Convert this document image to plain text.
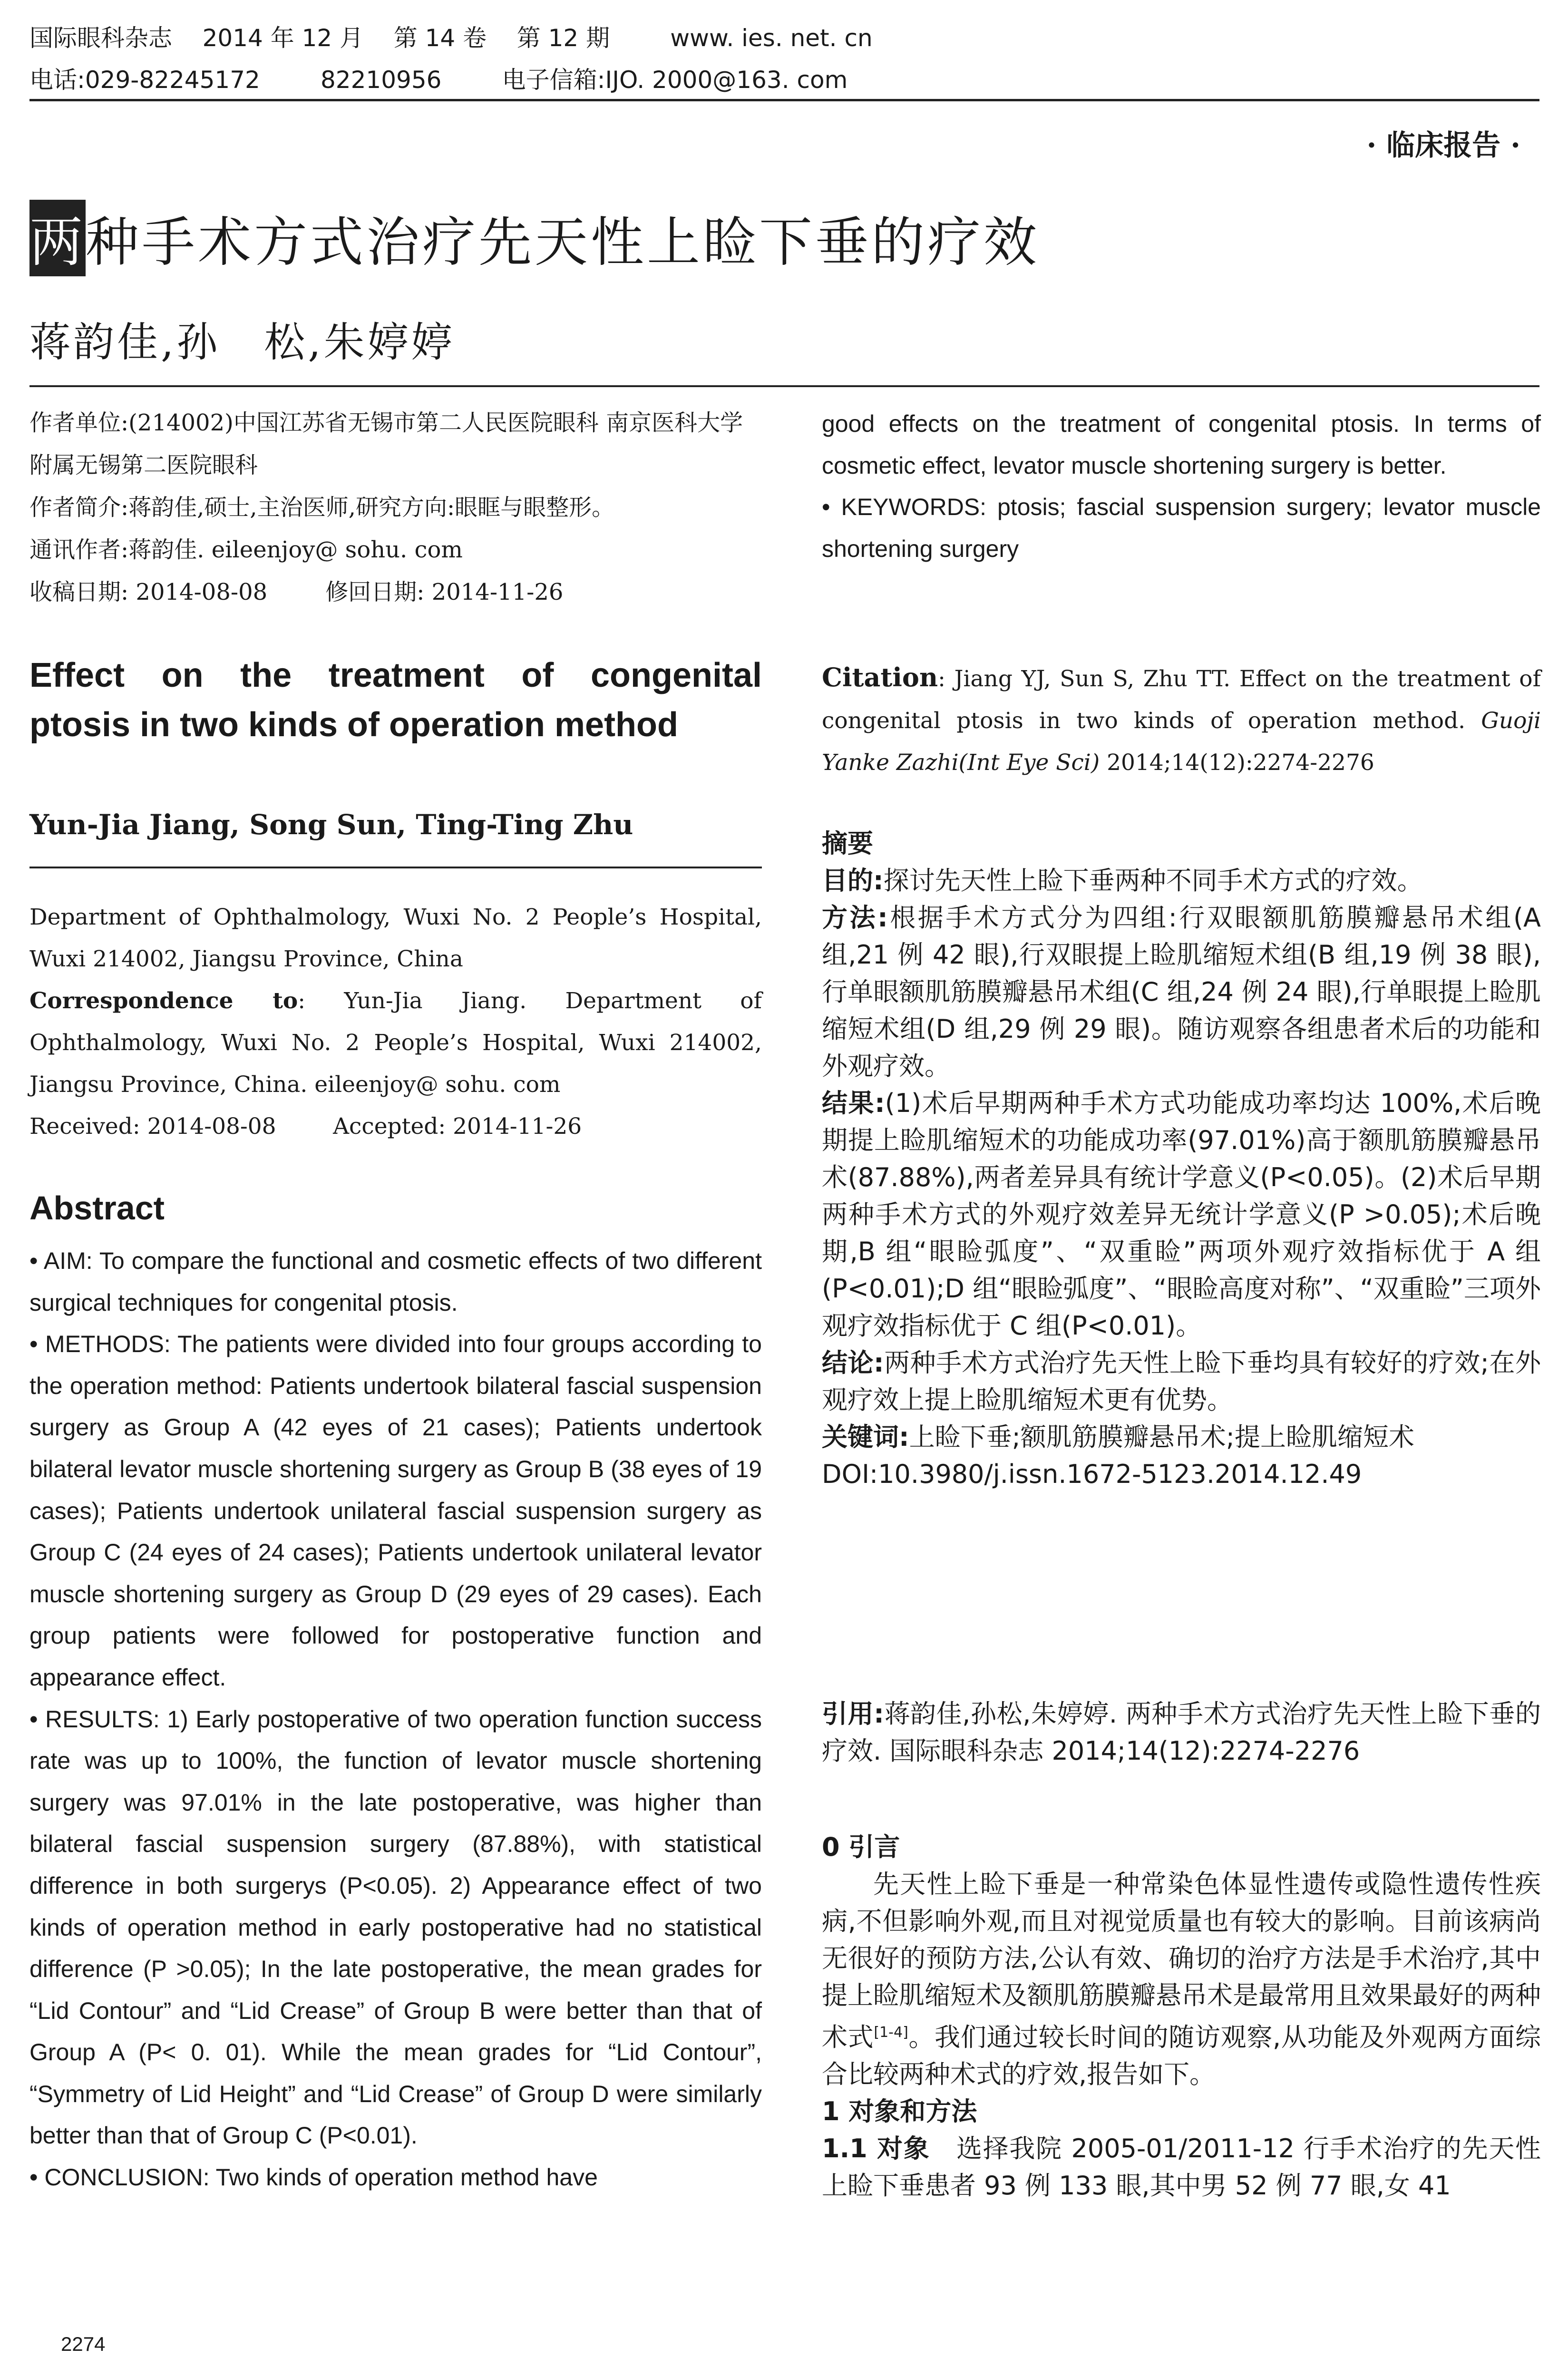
国际眼科杂志    2014 年 12 月    第 14 卷    第 12 期        www. ies. net. cn
电话:029-82245172        82210956        电子信箱:IJO. 2000@163. com
· 临床报告 ·
两种手术方式治疗先天性上睑下垂的疗效
蒋韵佳,孙　松,朱婷婷

作者单位:(214002)中国江苏省无锡市第二人民医院眼科 南京医科大学附属无锡第二医院眼科

作者简介:蒋韵佳,硕士,主治医师,研究方向:眼眶与眼整形。

通讯作者:蒋韵佳. eileenjoy@ sohu. com

收稿日期: 2014-08-08        修回日期: 2014-11-26

Effect on the treatment of congenital
ptosis in two kinds of operation method
Yun-Jia Jiang, Song Sun, Ting-Ting Zhu

Department of Ophthalmology, Wuxi No. 2 People’s Hospital, Wuxi 214002, Jiangsu Province, China

Correspondence to: Yun-Jia Jiang. Department of Ophthalmology, Wuxi No. 2 People’s Hospital, Wuxi 214002, Jiangsu Province, China. eileenjoy@ sohu. com

Received: 2014-08-08        Accepted: 2014-11-26

Abstract

• AIM: To compare the functional and cosmetic effects of two different surgical techniques for congenital ptosis.

• METHODS: The patients were divided into four groups according to the operation method: Patients undertook bilateral fascial suspension surgery as Group A (42 eyes of 21 cases); Patients undertook bilateral levator muscle shortening surgery as Group B (38 eyes of 19 cases); Patients undertook unilateral fascial suspension surgery as Group C (24 eyes of 24 cases); Patients undertook unilateral levator muscle shortening surgery as Group D (29 eyes of 29 cases). Each group patients were followed for postoperative function and appearance effect.

• RESULTS: 1) Early postoperative of two operation function success rate was up to 100%, the function of levator muscle shortening surgery was 97.01% in the late postoperative, was higher than bilateral fascial suspension surgery (87.88%), with statistical difference in both surgerys (P<0.05). 2) Appearance effect of two kinds of operation method in early postoperative had no statistical difference (P >0.05); In the late postoperative, the mean grades for “Lid Contour” and “Lid Crease” of Group B were better than that of Group A (P< 0. 01). While the mean grades for “Lid Contour”, “Symmetry of Lid Height” and “Lid Crease” of Group D were similarly better than that of Group C (P<0.01).

• CONCLUSION: Two kinds of operation method have

2274

good effects on the treatment of congenital ptosis. In terms of cosmetic effect, levator muscle shortening surgery is better.

• KEYWORDS: ptosis; fascial suspension surgery; levator muscle shortening surgery

Citation: Jiang YJ, Sun S, Zhu TT. Effect on the treatment of congenital ptosis in two kinds of operation method. Guoji Yanke Zazhi(Int Eye Sci) 2014;14(12):2274-2276

摘要

目的:探讨先天性上睑下垂两种不同手术方式的疗效。

方法:根据手术方式分为四组:行双眼额肌筋膜瓣悬吊术组(A 组,21 例 42 眼),行双眼提上睑肌缩短术组(B 组,19 例 38 眼),行单眼额肌筋膜瓣悬吊术组(C 组,24 例 24 眼),行单眼提上睑肌缩短术组(D 组,29 例 29 眼)。随访观察各组患者术后的功能和外观疗效。

结果:(1)术后早期两种手术方式功能成功率均达 100%,术后晚期提上睑肌缩短术的功能成功率(97.01%)高于额肌筋膜瓣悬吊术(87.88%),两者差异具有统计学意义(P<0.05)。(2)术后早期两种手术方式的外观疗效差异无统计学意义(P >0.05);术后晚期,B 组“眼睑弧度”、“双重睑”两项外观疗效指标优于 A 组(P<0.01);D 组“眼睑弧度”、“眼睑高度对称”、“双重睑”三项外观疗效指标优于 C 组(P<0.01)。

结论:两种手术方式治疗先天性上睑下垂均具有较好的疗效;在外观疗效上提上睑肌缩短术更有优势。

关键词:上睑下垂;额肌筋膜瓣悬吊术;提上睑肌缩短术

DOI:10.3980/j.issn.1672-5123.2014.12.49

引用:蒋韵佳,孙松,朱婷婷. 两种手术方式治疗先天性上睑下垂的疗效. 国际眼科杂志 2014;14(12):2274-2276

0 引言

先天性上睑下垂是一种常染色体显性遗传或隐性遗传性疾病,不但影响外观,而且对视觉质量也有较大的影响。目前该病尚无很好的预防方法,公认有效、确切的治疗方法是手术治疗,其中提上睑肌缩短术及额肌筋膜瓣悬吊术是最常用且效果最好的两种术式[1-4]。我们通过较长时间的随访观察,从功能及外观两方面综合比较两种术式的疗效,报告如下。

1 对象和方法

1.1 对象　 选择我院 2005-01/2011-12 行手术治疗的先天性上睑下垂患者 93 例 133 眼,其中男 52 例 77 眼,女 41
